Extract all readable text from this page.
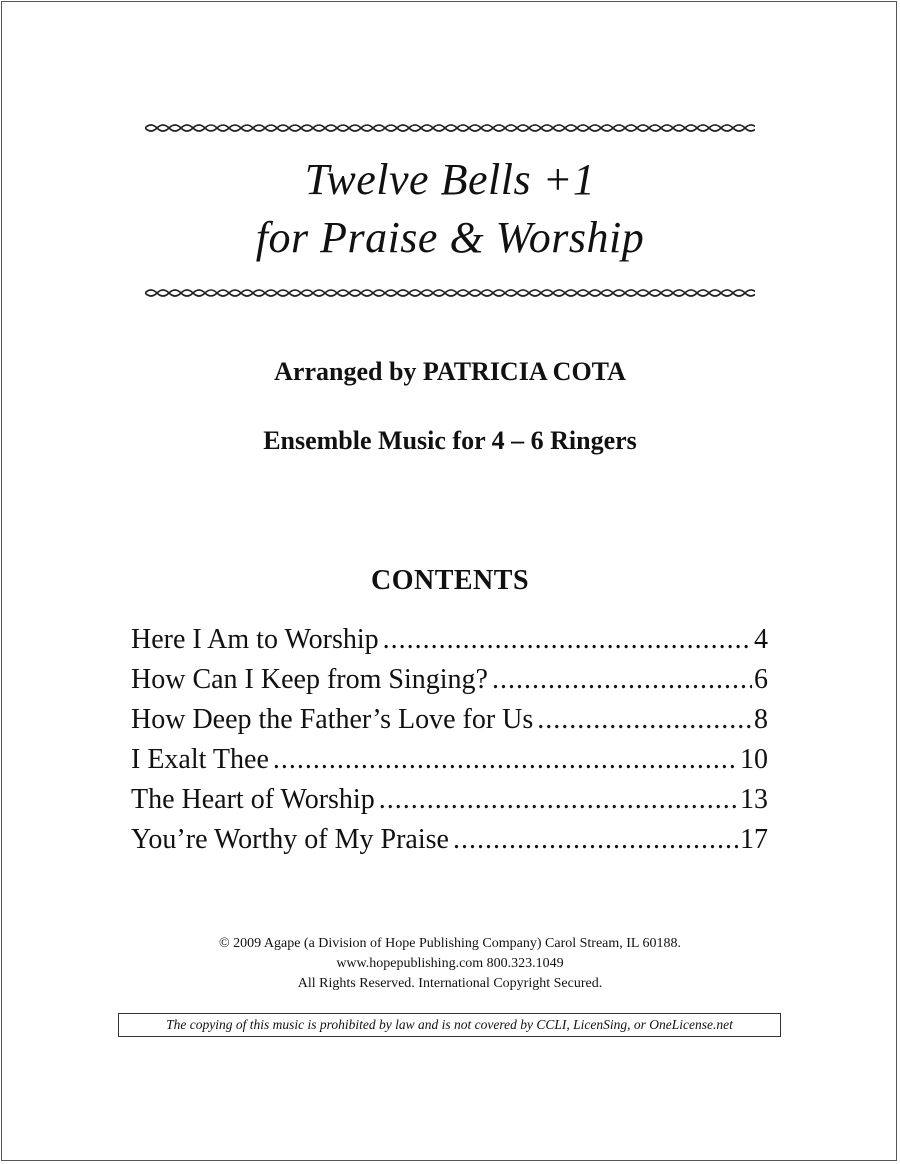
Twelve Bells +1
for Praise & Worship
Arranged by PATRICIA COTA
Ensemble Music for 4 – 6 Ringers
CONTENTS
Here I Am to Worship .....	4
How Can I Keep from Singing? .....	6
How Deep the Father’s Love for Us .....	8
I Exalt Thee .....	10
The Heart of Worship .....	13
You’re Worthy of My Praise .....	17
© 2009 Agape (a Division of Hope Publishing Company) Carol Stream, IL 60188.
www.hopepublishing.com 800.323.1049
All Rights Reserved. International Copyright Secured.
The copying of this music is prohibited by law and is not covered by CCLI, LicenSing, or OneLicense.net
